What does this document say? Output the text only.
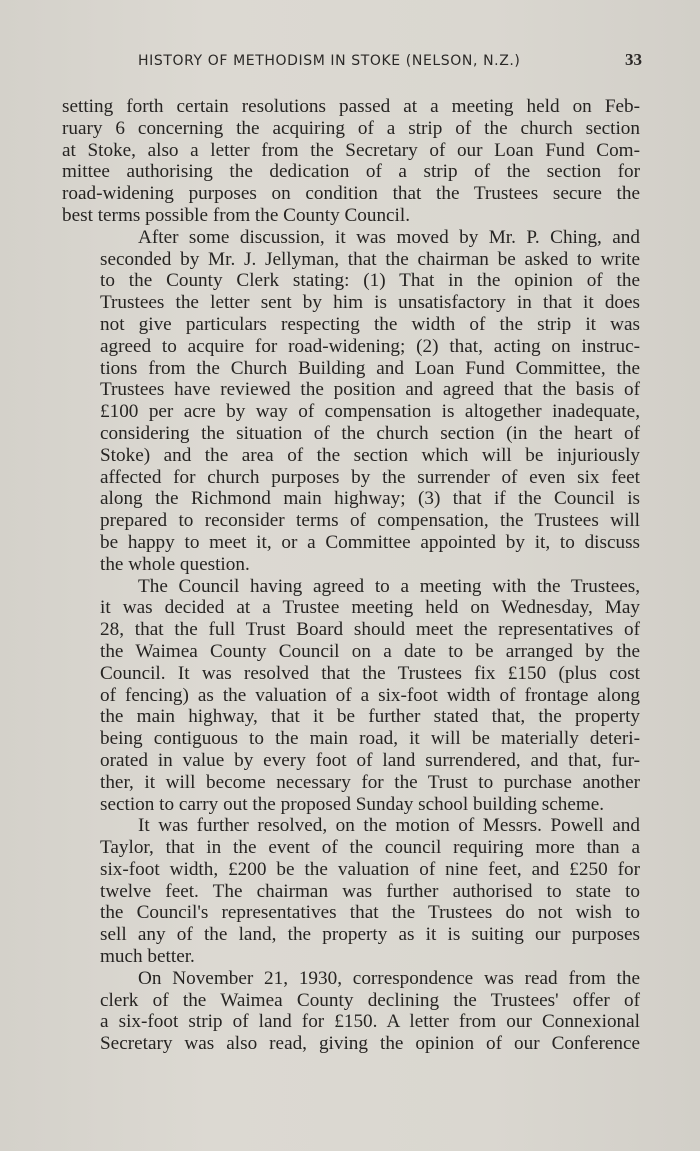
HISTORY OF METHODISM IN STOKE (NELSON, N.Z.)	33
setting forth certain resolutions passed at a meeting held on Feb-
ruary 6 concerning the acquiring of a strip of the church section
at Stoke, also a letter from the Secretary of our Loan Fund Com-
mittee authorising the dedication of a strip of the section for
road-widening purposes on condition that the Trustees secure the
best terms possible from the County Council.
After some discussion, it was moved by Mr. P. Ching, and
seconded by Mr. J. Jellyman, that the chairman be asked to write
to the County Clerk stating: (1) That in the opinion of the
Trustees the letter sent by him is unsatisfactory in that it does
not give particulars respecting the width of the strip it was
agreed to acquire for road-widening; (2) that, acting on instruc-
tions from the Church Building and Loan Fund Committee, the
Trustees have reviewed the position and agreed that the basis of
£100 per acre by way of compensation is altogether inadequate,
considering the situation of the church section (in the heart of
Stoke) and the area of the section which will be injuriously
affected for church purposes by the surrender of even six feet
along the Richmond main highway; (3) that if the Council is
prepared to reconsider terms of compensation, the Trustees will
be happy to meet it, or a Committee appointed by it, to discuss
the whole question.
The Council having agreed to a meeting with the Trustees,
it was decided at a Trustee meeting held on Wednesday, May
28, that the full Trust Board should meet the representatives of
the Waimea County Council on a date to be arranged by the
Council. It was resolved that the Trustees fix £150 (plus cost
of fencing) as the valuation of a six-foot width of frontage along
the main highway, that it be further stated that, the property
being contiguous to the main road, it will be materially deteri-
orated in value by every foot of land surrendered, and that, fur-
ther, it will become necessary for the Trust to purchase another
section to carry out the proposed Sunday school building scheme.
It was further resolved, on the motion of Messrs. Powell and
Taylor, that in the event of the council requiring more than a
six-foot width, £200 be the valuation of nine feet, and £250 for
twelve feet. The chairman was further authorised to state to
the Council's representatives that the Trustees do not wish to
sell any of the land, the property as it is suiting our purposes
much better.
On November 21, 1930, correspondence was read from the
clerk of the Waimea County declining the Trustees' offer of
a six-foot strip of land for £150. A letter from our Connexional
Secretary was also read, giving the opinion of our Conference
